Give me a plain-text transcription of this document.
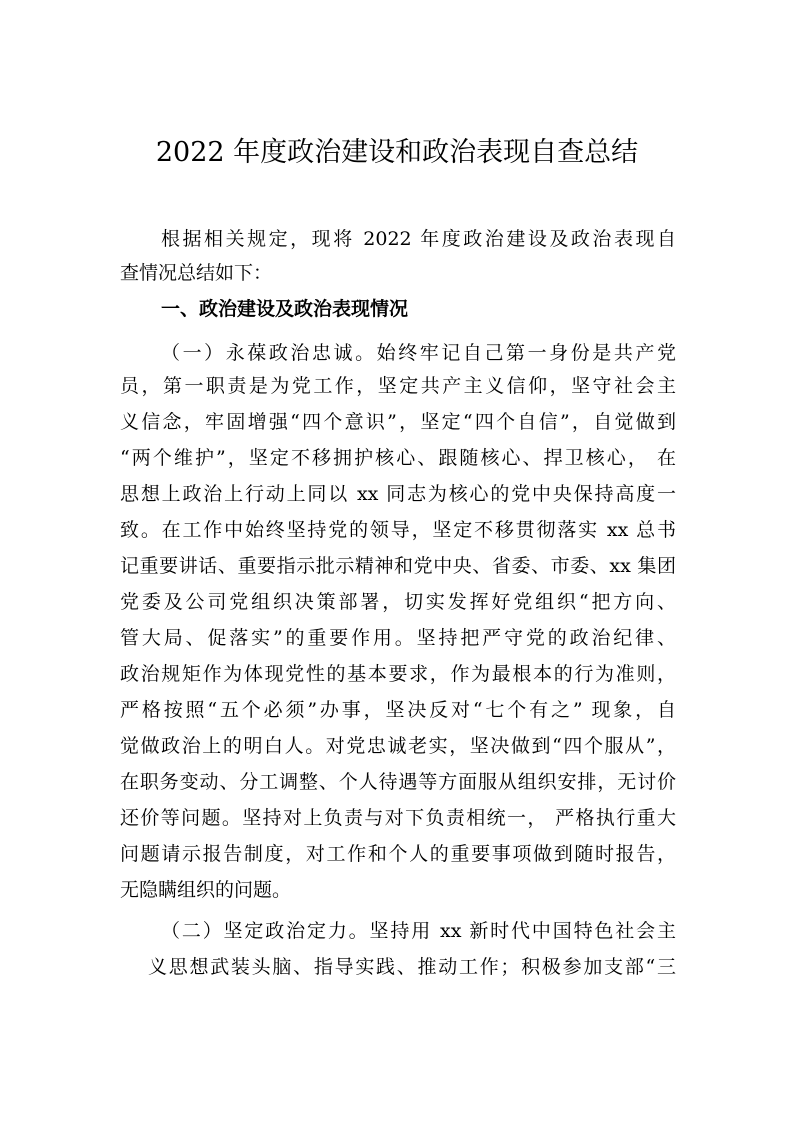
2022 年度政治建设和政治表现自查总结
根据相关规定，现将 2022 年度政治建设及政治表现自
查情况总结如下：
一、政治建设及政治表现情况
（一）永葆政治忠诚。始终牢记自己第一身份是共产党
员，第一职责是为党工作，坚定共产主义信仰，坚守社会主
义信念，牢固增强“四个意识”，坚定“四个自信”，自觉做到
“两个维护”，坚定不移拥护核心、跟随核心、捍卫核心， 在
思想上政治上行动上同以 xx 同志为核心的党中央保持高度一
致。在工作中始终坚持党的领导，坚定不移贯彻落实 xx 总书
记重要讲话、重要指示批示精神和党中央、省委、市委、xx 集团
党委及公司党组织决策部署，切实发挥好党组织“把方向、
管大局、促落实”的重要作用。坚持把严守党的政治纪律、
政治规矩作为体现党性的基本要求，作为最根本的行为准则，
严格按照“五个必须”办事，坚决反对“七个有之” 现象，自
觉做政治上的明白人。对党忠诚老实，坚决做到“四个服从”，
在职务变动、分工调整、个人待遇等方面服从组织安排，无讨价
还价等问题。坚持对上负责与对下负责相统一， 严格执行重大
问题请示报告制度，对工作和个人的重要事项做到随时报告，
无隐瞒组织的问题。
（二）坚定政治定力。坚持用 xx 新时代中国特色社会主
义思想武装头脑、指导实践、推动工作；积极参加支部“三
